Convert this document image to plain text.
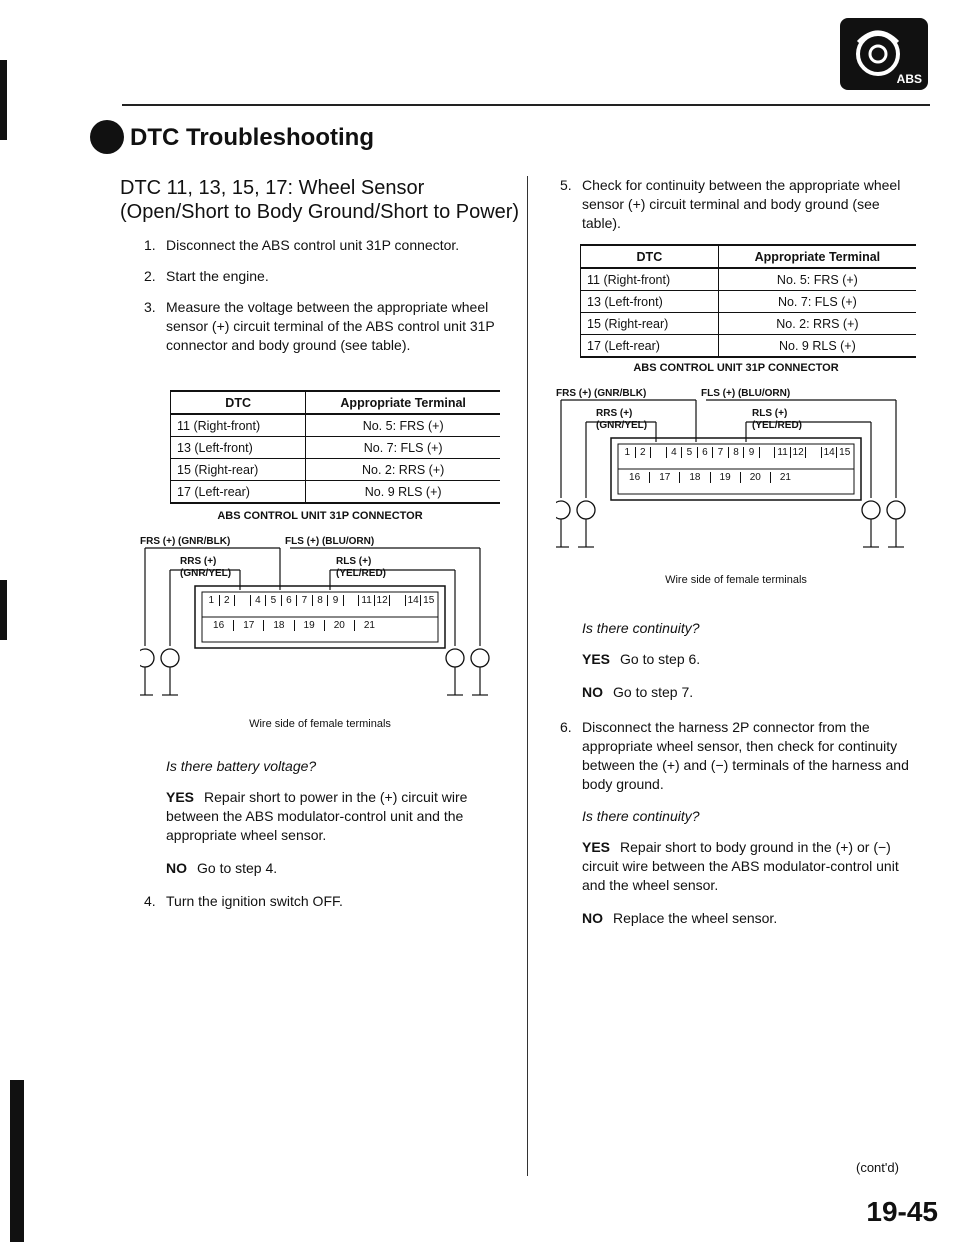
ABS
DTC Troubleshooting
DTC 11, 13, 15, 17: Wheel Sensor
(Open/Short to Body Ground/Short to Power)
1. Disconnect the ABS control unit 31P connector.
2. Start the engine.
3. Measure the voltage between the appropriate wheel sensor (+) circuit terminal of the ABS control unit 31P connector and body ground (see table).
DTC	Appropriate Terminal
11 (Right-front)	No. 5: FRS (+)
13 (Left-front)	No. 7: FLS (+)
15 (Right-rear)	No. 2: RRS (+)
17 (Left-rear)	No. 9 RLS (+)
ABS CONTROL UNIT 31P CONNECTOR
FRS (+) (GNR/BLK)	FLS (+) (BLU/ORN)
RRS (+)
(GNR/YEL)
RLS (+)
(YEL/RED)
1 2	4 5 6 7 8 9	11 12 14 15
16	17	18	19	20	21
Wire side of female terminals
Is there battery voltage?
YES Repair short to power in the (+) circuit wire between the ABS modulator-control unit and the appropriate wheel sensor.
NO Go to step 4.
4. Turn the ignition switch OFF.
5. Check for continuity between the appropriate wheel sensor (+) circuit terminal and body ground (see table).
DTC	Appropriate Terminal
11 (Right-front)	No. 5: FRS (+)
13 (Left-front)	No. 7: FLS (+)
15 (Right-rear)	No. 2: RRS (+)
17 (Left-rear)	No. 9 RLS (+)
ABS CONTROL UNIT 31P CONNECTOR
FRS (+) (GNR/BLK)	FLS (+) (BLU/ORN)
RRS (+)
(GNR/YEL)
RLS (+)
(YEL/RED)
1 2	4 5 6 7 8 9	11 12 14 15
16	17	18	19	20	21
Wire side of female terminals
Is there continuity?
YES Go to step 6.
NO Go to step 7.
6. Disconnect the harness 2P connector from the appropriate wheel sensor, then check for continuity between the (+) and (−) terminals of the harness and body ground.
Is there continuity?
YES Repair short to body ground in the (+) or (−) circuit wire between the ABS modulator-control unit and the wheel sensor.
NO Replace the wheel sensor.
(cont'd)
19-45
